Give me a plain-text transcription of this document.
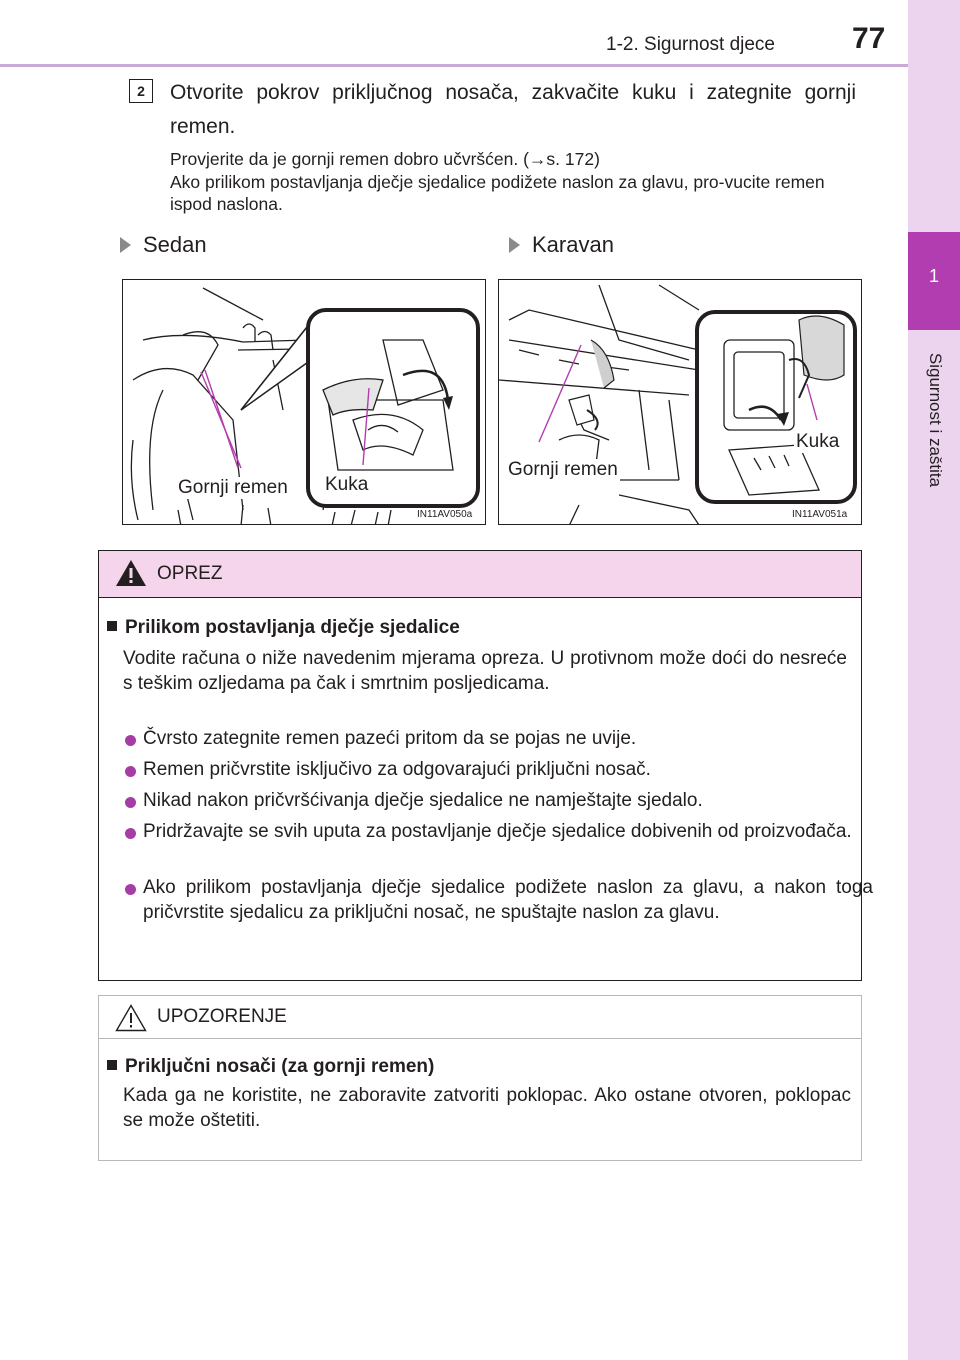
1-2. Sigurnost djece	77
1
Sigurnost i zaštita
2	Otvorite pokrov priključnog nosača, zakvačite kuku i zategnite gornji remen.
Provjerite da je gornji remen dobro učvršćen. (→s. 172)
Ako prilikom postavljanja dječje sjedalice podižete naslon za glavu, pro-vucite remen ispod naslona.
Sedan	Karavan
Gornji remen Kuka
IN11AV050a
Gornji remen
Kuka
IN11AV051a
OPREZ
Prilikom postavljanja dječje sjedalice
Vodite računa o niže navedenim mjerama opreza. U protivnom može doći do nesreće s teškim ozljedama pa čak i smrtnim posljedicama.
Čvrsto zategnite remen pazeći pritom da se pojas ne uvije.
Remen pričvrstite isključivo za odgovarajući priključni nosač.
Nikad nakon pričvršćivanja dječje sjedalice ne namještajte sjedalo.
Pridržavajte se svih uputa za postavljanje dječje sjedalice dobivenih od proizvođača.
Ako prilikom postavljanja dječje sjedalice podižete naslon za glavu, a nakon toga pričvrstite sjedalicu za priključni nosač, ne spuštajte naslon za glavu.
UPOZORENJE
Priključni nosači (za gornji remen)
Kada ga ne koristite, ne zaboravite zatvoriti poklopac. Ako ostane otvoren, poklopac se može oštetiti.
